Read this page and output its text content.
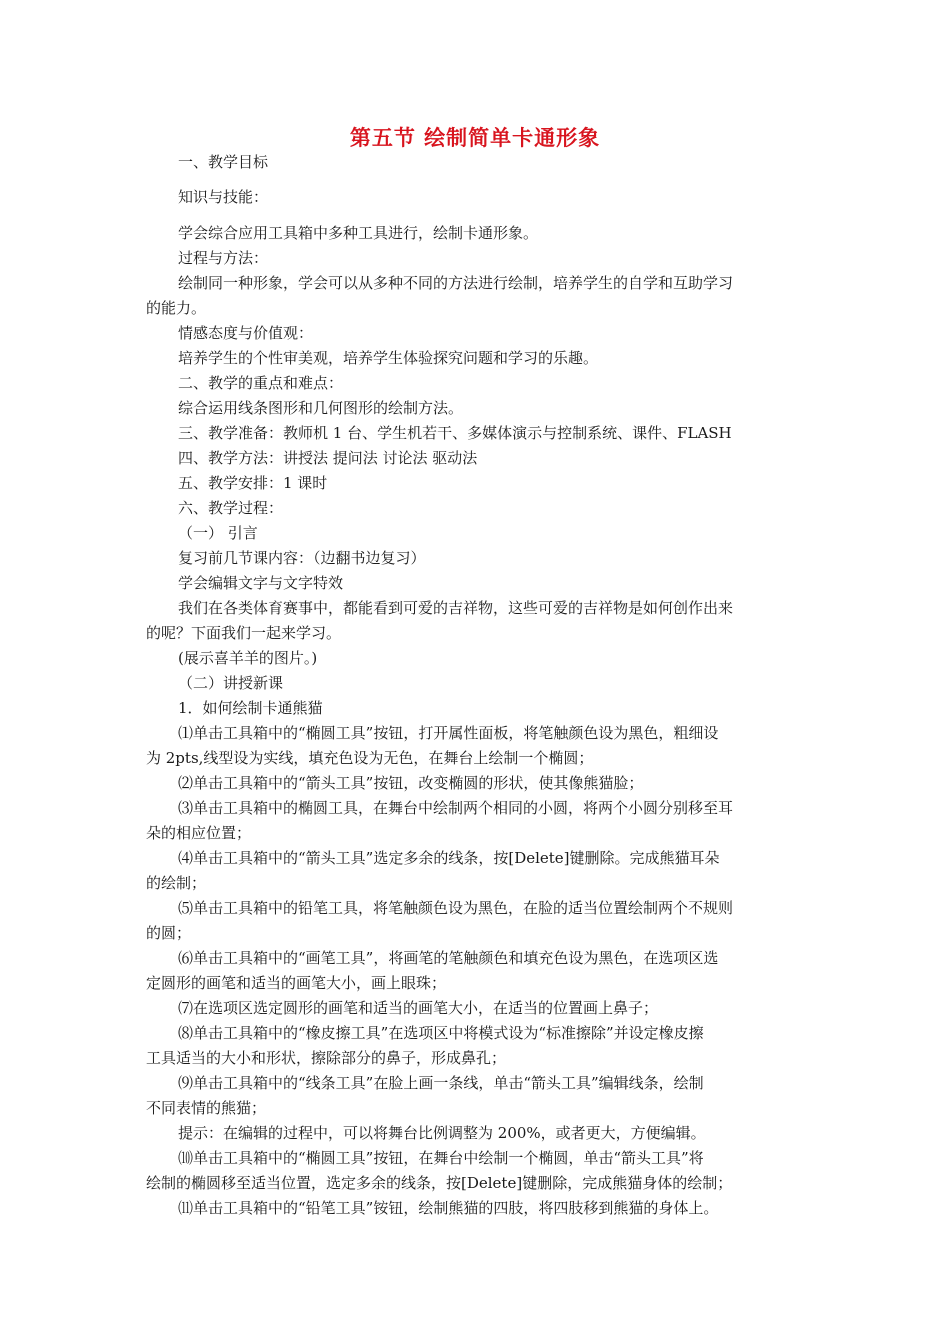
第五节 绘制简单卡通形象
一、教学目标
知识与技能：
学会综合应用工具箱中多种工具进行，绘制卡通形象。
过程与方法：
绘制同一种形象，学会可以从多种不同的方法进行绘制，培养学生的自学和互助学习
的能力。
情感态度与价值观：
培养学生的个性审美观，培养学生体验探究问题和学习的乐趣。
二、教学的重点和难点：
综合运用线条图形和几何图形的绘制方法。
三、教学准备：教师机 1 台、学生机若干、多媒体演示与控制系统、课件、FLASH
四、教学方法：讲授法 提问法 讨论法 驱动法
五、教学安排：1 课时
六、教学过程：
（一） 引言
复习前几节课内容：（边翻书边复习）
学会编辑文字与文字特效
我们在各类体育赛事中，都能看到可爱的吉祥物，这些可爱的吉祥物是如何创作出来
的呢？下面我们一起来学习。
(展示喜羊羊的图片。)
（二）讲授新课
1．如何绘制卡通熊猫
⑴单击工具箱中的“椭圆工具”按钮，打开属性面板，将笔触颜色设为黑色，粗细设
为 2pts,线型设为实线，填充色设为无色，在舞台上绘制一个椭圆；
⑵单击工具箱中的“箭头工具”按钮，改变椭圆的形状，使其像熊猫脸；
⑶单击工具箱中的椭圆工具，在舞台中绘制两个相同的小圆，将两个小圆分别移至耳
朵的相应位置；
⑷单击工具箱中的“箭头工具”选定多余的线条，按[Delete]键删除。完成熊猫耳朵
的绘制；
⑸单击工具箱中的铅笔工具，将笔触颜色设为黑色，在脸的适当位置绘制两个不规则
的圆；
⑹单击工具箱中的“画笔工具”，将画笔的笔触颜色和填充色设为黑色，在选项区选
定圆形的画笔和适当的画笔大小，画上眼珠；
⑺在选项区选定圆形的画笔和适当的画笔大小，在适当的位置画上鼻子；
⑻单击工具箱中的“橡皮擦工具”在选项区中将模式设为“标准擦除”并设定橡皮擦
工具适当的大小和形状，擦除部分的鼻子，形成鼻孔；
⑼单击工具箱中的“线条工具”在脸上画一条线，单击“箭头工具”编辑线条，绘制
不同表情的熊猫；
提示：在编辑的过程中，可以将舞台比例调整为 200%，或者更大，方便编辑。
⑽单击工具箱中的“椭圆工具”按钮，在舞台中绘制一个椭圆，单击“箭头工具”将
绘制的椭圆移至适当位置，选定多余的线条，按[Delete]键删除，完成熊猫身体的绘制；
⑾单击工具箱中的“铅笔工具”铵钮，绘制熊猫的四肢，将四肢移到熊猫的身体上。
